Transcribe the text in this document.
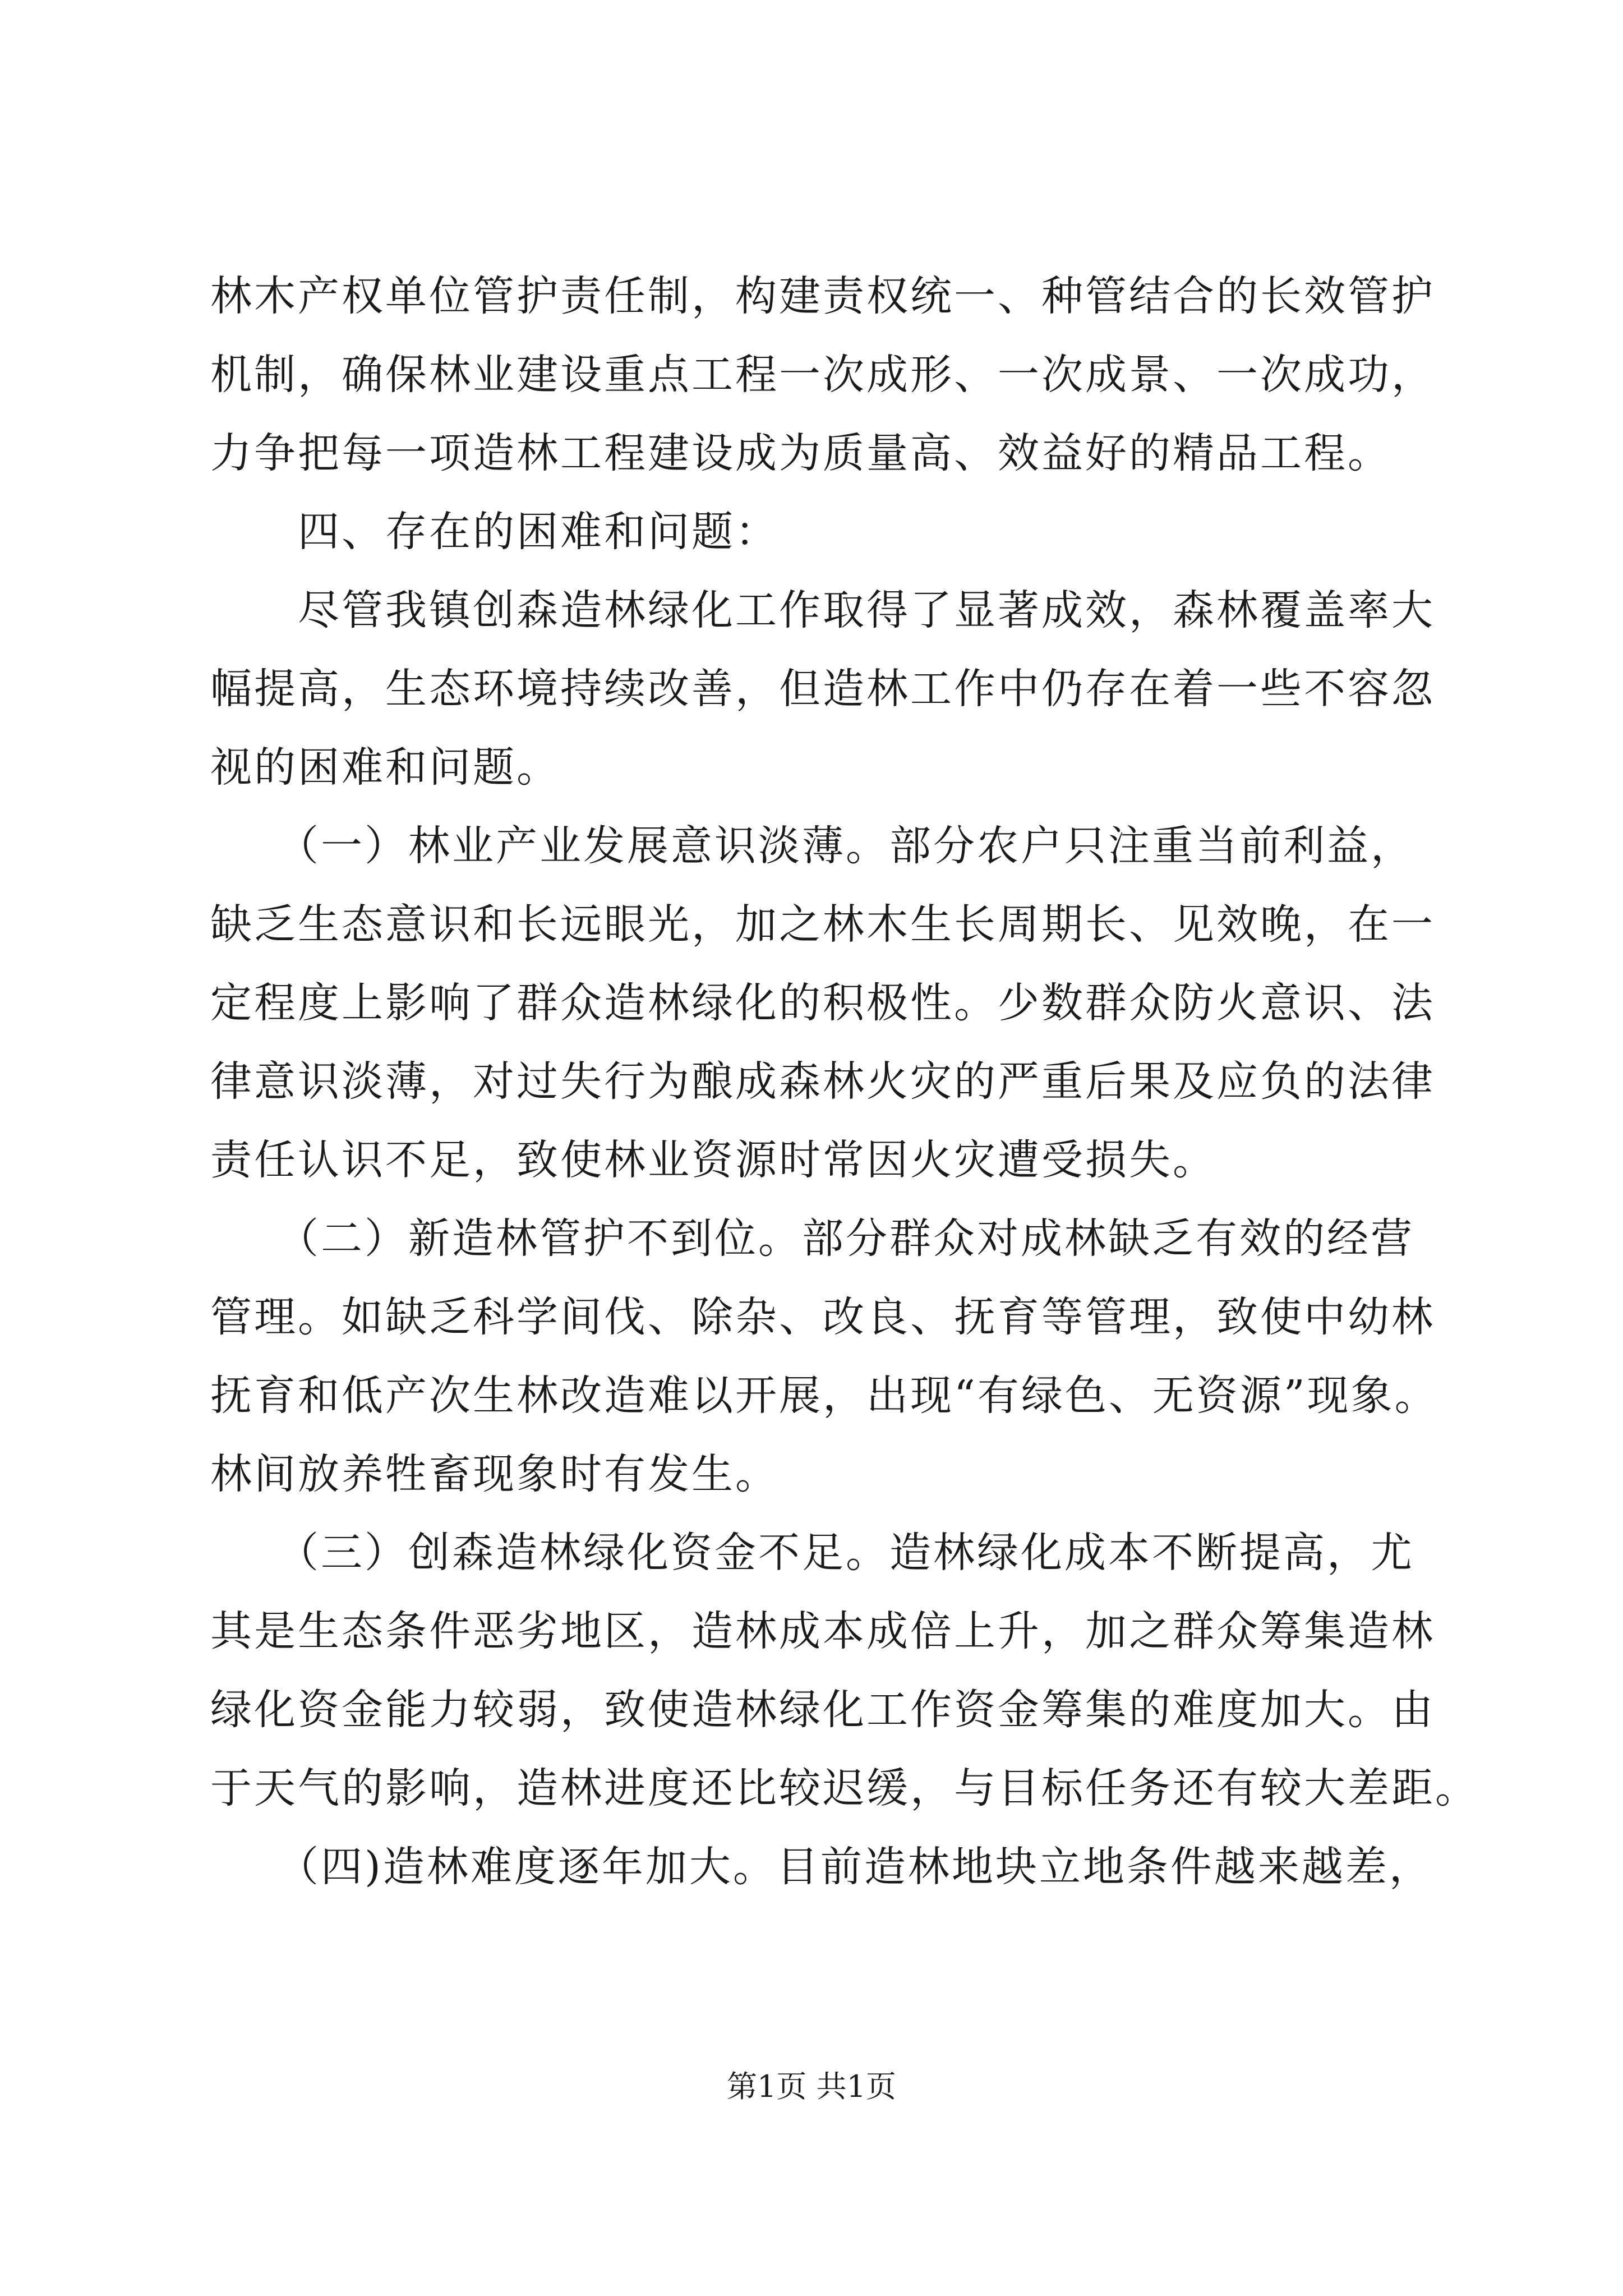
林木产权单位管护责任制，构建责权统一、种管结合的长效管护
机制，确保林业建设重点工程一次成形、一次成景、一次成功，
力争把每一项造林工程建设成为质量高、效益好的精品工程。
　　四、存在的困难和问题：
　　尽管我镇创森造林绿化工作取得了显著成效，森林覆盖率大
幅提高，生态环境持续改善，但造林工作中仍存在着一些不容忽
视的困难和问题。
　　（一）林业产业发展意识淡薄。部分农户只注重当前利益，
缺乏生态意识和长远眼光，加之林木生长周期长、见效晚，在一
定程度上影响了群众造林绿化的积极性。少数群众防火意识、法
律意识淡薄，对过失行为酿成森林火灾的严重后果及应负的法律
责任认识不足，致使林业资源时常因火灾遭受损失。
　　（二）新造林管护不到位。部分群众对成林缺乏有效的经营
管理。如缺乏科学间伐、除杂、改良、抚育等管理，致使中幼林
抚育和低产次生林改造难以开展，出现“有绿色、无资源”现象。
林间放养牲畜现象时有发生。
　　（三）创森造林绿化资金不足。造林绿化成本不断提高，尤
其是生态条件恶劣地区，造林成本成倍上升，加之群众筹集造林
绿化资金能力较弱，致使造林绿化工作资金筹集的难度加大。由
于天气的影响，造林进度还比较迟缓，与目标任务还有较大差距。
　　（四)造林难度逐年加大。目前造林地块立地条件越来越差，
第1页 共1页
